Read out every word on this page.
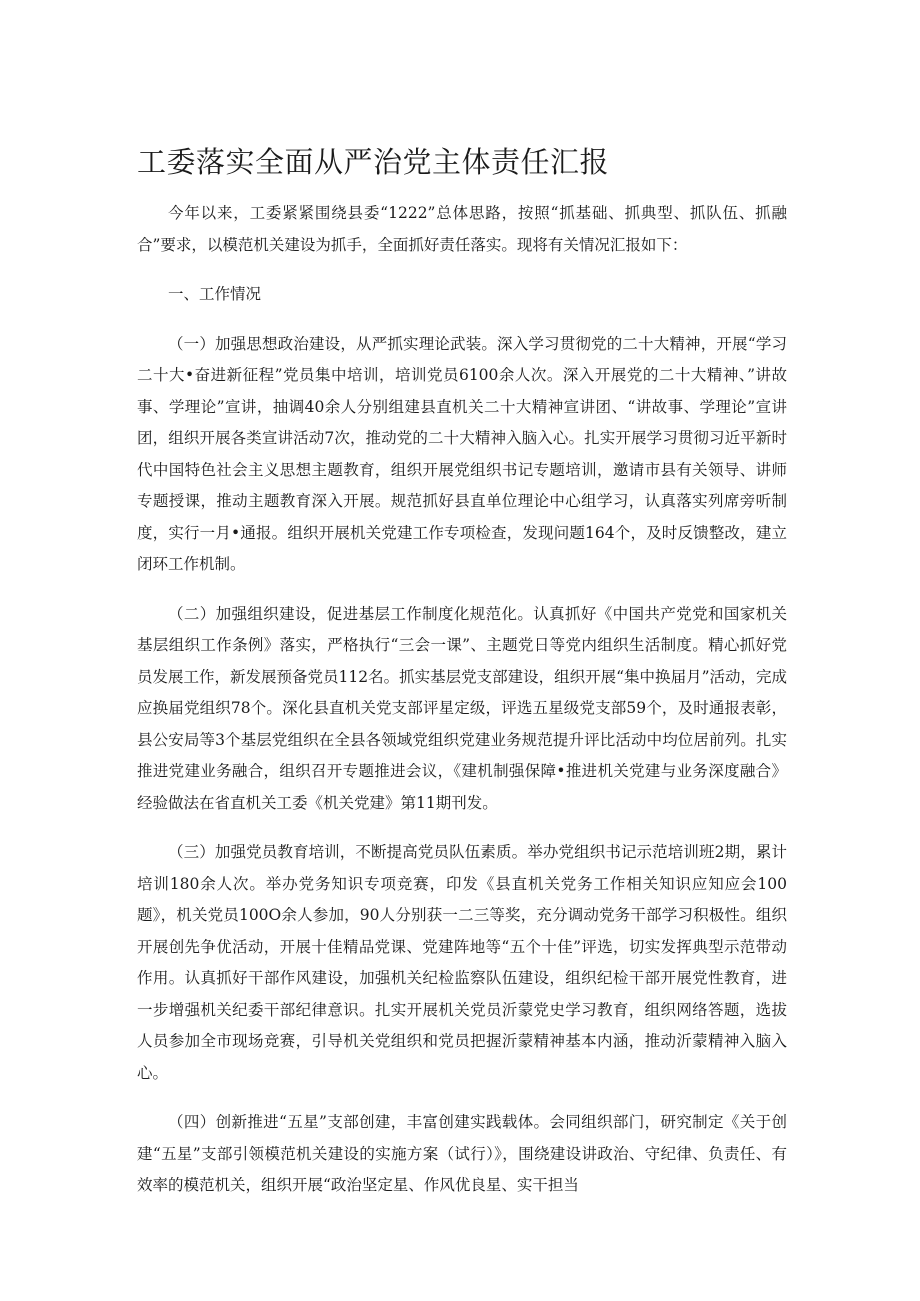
工委落实全面从严治党主体责任汇报

今年以来，工委紧紧围绕县委“1222”总体思路，按照“抓基础、抓典型、抓队伍、抓融合”要求，以模范机关建设为抓手，全面抓好责任落实。现将有关情况汇报如下：

一、工作情况

（一）加强思想政治建设，从严抓实理论武装。深入学习贯彻党的二十大精神，开展“学习二十大•奋进新征程”党员集中培训，培训党员6100余人次。深入开展党的二十大精神、”讲故事、学理论”宣讲，抽调40余人分别组建县直机关二十大精神宣讲团、“讲故事、学理论”宣讲团，组织开展各类宣讲活动7次，推动党的二十大精神入脑入心。扎实开展学习贯彻习近平新时代中国特色社会主义思想主题教育，组织开展党组织书记专题培训，邀请市县有关领导、讲师专题授课，推动主题教育深入开展。规范抓好县直单位理论中心组学习，认真落实列席旁听制度，实行一月•通报。组织开展机关党建工作专项检查，发现问题164个，及时反馈整改，建立闭环工作机制。

（二）加强组织建设，促进基层工作制度化规范化。认真抓好《中国共产党党和国家机关基层组织工作条例》落实，严格执行“三会一课”、主题党日等党内组织生活制度。精心抓好党员发展工作，新发展预备党员112名。抓实基层党支部建设，组织开展“集中换届月”活动，完成应换届党组织78个。深化县直机关党支部评星定级，评选五星级党支部59个，及时通报表彰，县公安局等3个基层党组织在全县各领域党组织党建业务规范提升评比活动中均位居前列。扎实推进党建业务融合，组织召开专题推进会议，《建机制强保障•推进机关党建与业务深度融合》经验做法在省直机关工委《机关党建》第11期刊发。

（三）加强党员教育培训，不断提高党员队伍素质。举办党组织书记示范培训班2期，累计培训180余人次。举办党务知识专项竞赛，印发《县直机关党务工作相关知识应知应会100题》，机关党员100O余人参加，90人分别获一二三等奖，充分调动党务干部学习积极性。组织开展创先争优活动，开展十佳精品党课、党建阵地等“五个十佳”评选，切实发挥典型示范带动作用。认真抓好干部作风建设，加强机关纪检监察队伍建设，组织纪检干部开展党性教育，进一步增强机关纪委干部纪律意识。扎实开展机关党员沂蒙党史学习教育，组织网络答题，选拔人员参加全市现场竞赛，引导机关党组织和党员把握沂蒙精神基本内涵，推动沂蒙精神入脑入心。

（四）创新推进“五星”支部创建，丰富创建实践载体。会同组织部门，研究制定《关于创建“五星”支部引领模范机关建设的实施方案（试行）》，围绕建设讲政治、守纪律、负责任、有效率的模范机关，组织开展“政治坚定星、作风优良星、实干担当
